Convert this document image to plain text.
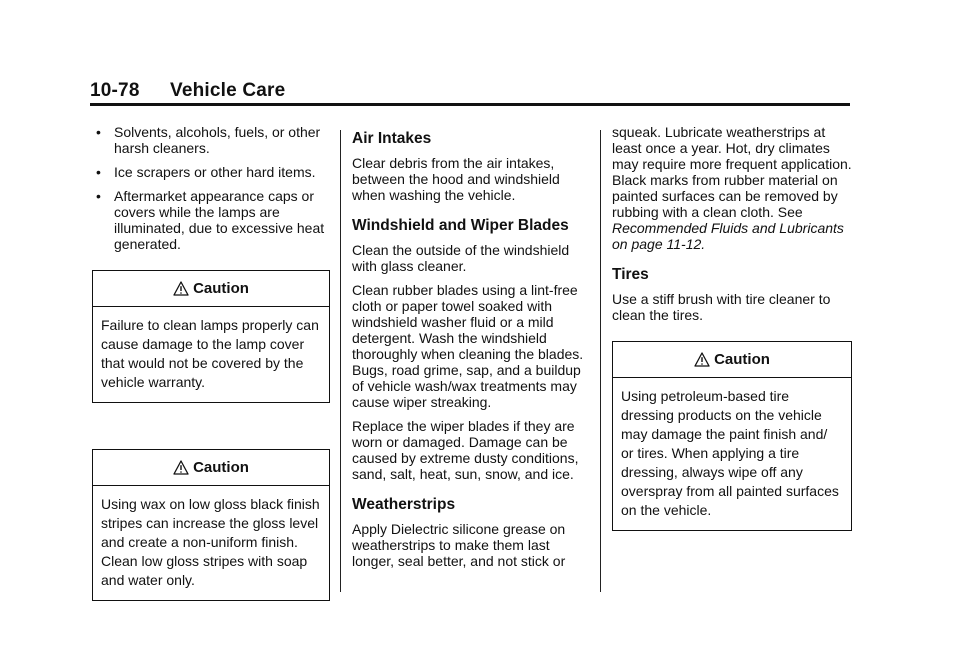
10-78 Vehicle Care
• Solvents, alcohols, fuels, or other harsh cleaners.
• Ice scrapers or other hard items.
• Aftermarket appearance caps or covers while the lamps are illuminated, due to excessive heat generated.
Caution
Failure to clean lamps properly can cause damage to the lamp cover that would not be covered by the vehicle warranty.
Caution
Using wax on low gloss black finish stripes can increase the gloss level and create a non-uniform finish. Clean low gloss stripes with soap and water only.
Air Intakes

Clear debris from the air intakes, between the hood and windshield when washing the vehicle.

Windshield and Wiper Blades

Clean the outside of the windshield with glass cleaner.

Clean rubber blades using a lint-free cloth or paper towel soaked with windshield washer fluid or a mild detergent. Wash the windshield thoroughly when cleaning the blades. Bugs, road grime, sap, and a buildup of vehicle wash/wax treatments may cause wiper streaking.

Replace the wiper blades if they are worn or damaged. Damage can be caused by extreme dusty conditions, sand, salt, heat, sun, snow, and ice.

Weatherstrips

Apply Dielectric silicone grease on weatherstrips to make them last longer, seal better, and not stick or

squeak. Lubricate weatherstrips at least once a year. Hot, dry climates may require more frequent application. Black marks from rubber material on painted surfaces can be removed by rubbing with a clean cloth. See Recommended Fluids and Lubricants on page 11-12.

Tires

Use a stiff brush with tire cleaner to clean the tires.

Caution
Using petroleum-based tire dressing products on the vehicle may damage the paint finish and/ or tires. When applying a tire dressing, always wipe off any overspray from all painted surfaces on the vehicle.
